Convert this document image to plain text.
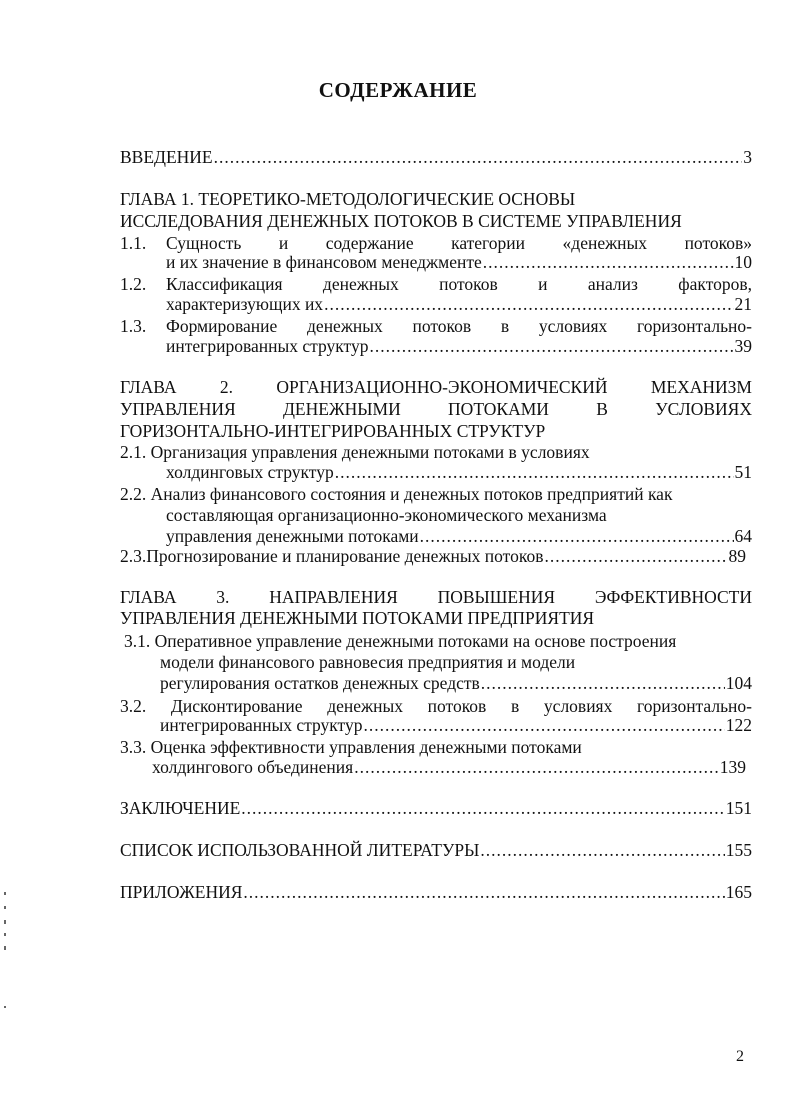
СОДЕРЖАНИЕ
ВВЕДЕНИЕ .....	3
ГЛАВА 1. ТЕОРЕТИКО-МЕТОДОЛОГИЧЕСКИЕ ОСНОВЫ
ИССЛЕДОВАНИЯ ДЕНЕЖНЫХ ПОТОКОВ В СИСТЕМЕ УПРАВЛЕНИЯ
1.1. Сущность и содержание категории «денежных потоков»
и их значение в финансовом менеджменте .....	10
1.2. Классификация денежных потоков и анализ факторов,
характеризующих их .....	21
1.3. Формирование денежных потоков в условиях горизонтально-
интегрированных структур .....	39
ГЛАВА 2. ОРГАНИЗАЦИОННО-ЭКОНОМИЧЕСКИЙ МЕХАНИЗМ
УПРАВЛЕНИЯ ДЕНЕЖНЫМИ ПОТОКАМИ В УСЛОВИЯХ
ГОРИЗОНТАЛЬНО-ИНТЕГРИРОВАННЫХ СТРУКТУР
2.1. Организация управления денежными потоками в условиях
холдинговых структур .....	51
2.2. Анализ финансового состояния и денежных потоков предприятий как
составляющая организационно-экономического механизма
управления денежными потоками .....	64
2.3.Прогнозирование и планирование денежных потоков .....	89
ГЛАВА 3. НАПРАВЛЕНИЯ ПОВЫШЕНИЯ ЭФФЕКТИВНОСТИ
УПРАВЛЕНИЯ ДЕНЕЖНЫМИ ПОТОКАМИ ПРЕДПРИЯТИЯ
3.1. Оперативное управление денежными потоками на основе построения
модели финансового равновесия предприятия и модели
регулирования остатков денежных средств .....	104
3.2. Дисконтирование денежных потоков в условиях горизонтально-
интегрированных структур .....	122
3.3. Оценка эффективности управления денежными потоками
холдингового объединения .....	139
ЗАКЛЮЧЕНИЕ .....	151
СПИСОК ИСПОЛЬЗОВАННОЙ ЛИТЕРАТУРЫ .....	155
ПРИЛОЖЕНИЯ .....	165
2
